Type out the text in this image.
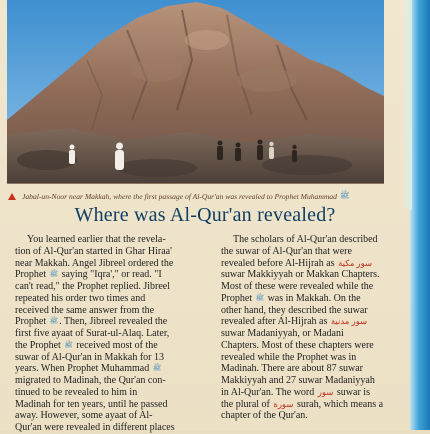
Jabal-un-Noor near Makkah, where the first passage of Al-Qur'an was revealed to Prophet Muhammad ﷺ
Where was Al-Qur'an revealed?
You learned earlier that the revela-
tion of Al-Qur'an started in Ghar Hiraa'
near Makkah. Angel Jibreel ordered the
Prophet ﷺ saying "Iqra'," or read. "I
can't read," the Prophet replied. Jibreel
repeated his order two times and
received the same answer from the
Prophet ﷺ. Then, Jibreel revealed the
first five ayaat of Surat-ul-Alaq. Later,
the Prophet ﷺ received most of the
suwar of Al-Qur'an in Makkah for 13
years. When Prophet Muhammad ﷺ
migrated to Madinah, the Qur'an con-
tinued to be revealed to him in
Madinah for ten years, until he passed
away. However, some ayaat of Al-
Qur'an were revealed in different places
The scholars of Al-Qur'an described
the suwar of Al-Qur'an that were
revealed before Al-Hijrah as سور مكية
suwar Makkiyyah or Makkan Chapters.
Most of these were revealed while the
Prophet ﷺ was in Makkah. On the
other hand, they described the suwar
revealed after Al-Hijrah as سور مدنية
suwar Madaniyyah, or Madani
Chapters. Most of these chapters were
revealed while the Prophet was in
Madinah. There are about 87 suwar
Makkiyyah and 27 suwar Madaniyyah
in Al-Qur'an. The word سور suwar is
the plural of سورة surah, which means a
chapter of the Qur'an.
